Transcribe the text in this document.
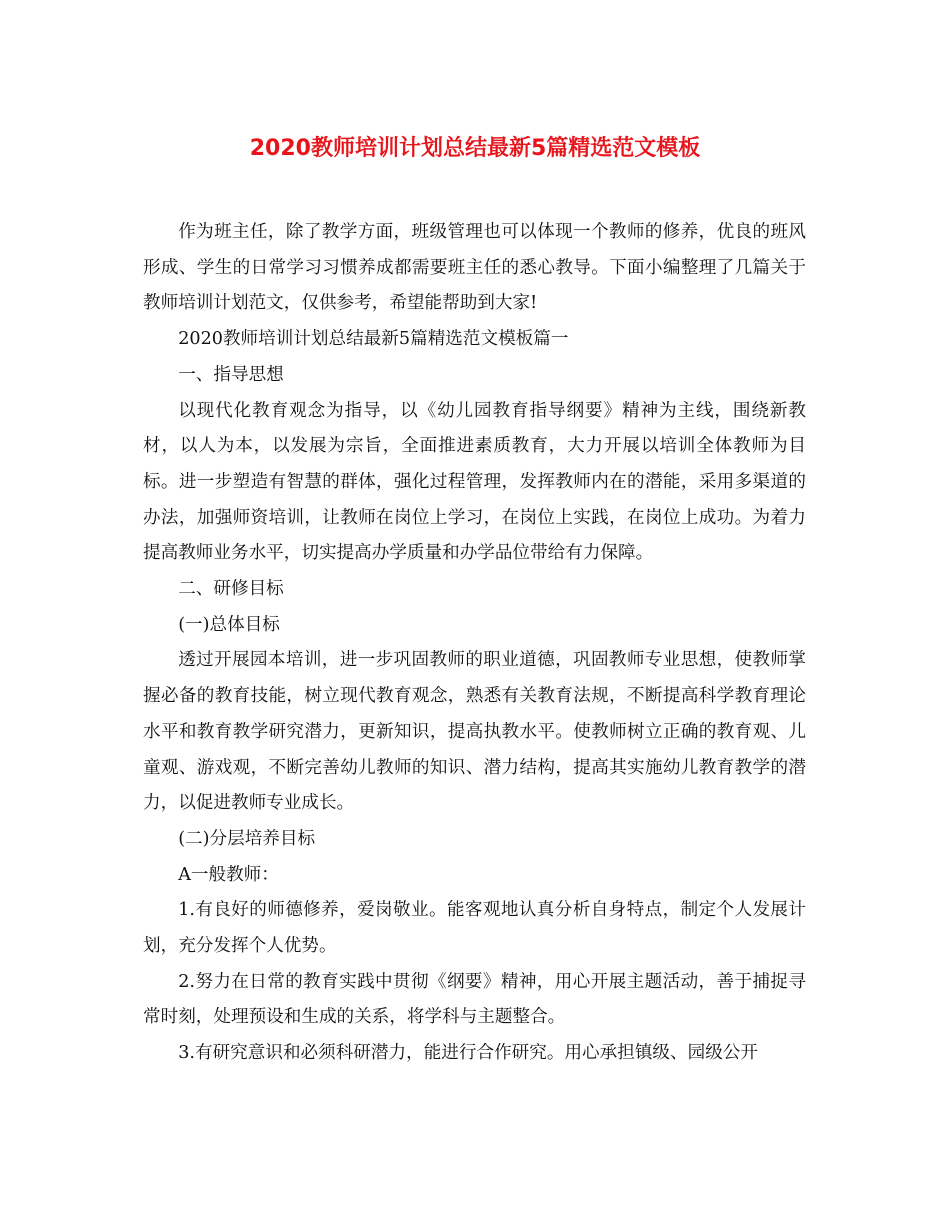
2020教师培训计划总结最新5篇精选范文模板

作为班主任，除了教学方面，班级管理也可以体现一个教师的修养，优良的班风形成、学生的日常学习习惯养成都需要班主任的悉心教导。下面小编整理了几篇关于教师培训计划范文，仅供参考，希望能帮助到大家!

2020教师培训计划总结最新5篇精选范文模板篇一

一、指导思想

以现代化教育观念为指导，以《幼儿园教育指导纲要》精神为主线，围绕新教材，以人为本，以发展为宗旨，全面推进素质教育，大力开展以培训全体教师为目标。进一步塑造有智慧的群体，强化过程管理，发挥教师内在的潜能，采用多渠道的办法，加强师资培训，让教师在岗位上学习，在岗位上实践，在岗位上成功。为着力提高教师业务水平，切实提高办学质量和办学品位带给有力保障。

二、研修目标

(一)总体目标

透过开展园本培训，进一步巩固教师的职业道德，巩固教师专业思想，使教师掌握必备的教育技能，树立现代教育观念，熟悉有关教育法规，不断提高科学教育理论水平和教育教学研究潜力，更新知识，提高执教水平。使教师树立正确的教育观、儿童观、游戏观，不断完善幼儿教师的知识、潜力结构，提高其实施幼儿教育教学的潜力，以促进教师专业成长。

(二)分层培养目标

A一般教师：

1.有良好的师德修养，爱岗敬业。能客观地认真分析自身特点，制定个人发展计划，充分发挥个人优势。

2.努力在日常的教育实践中贯彻《纲要》精神，用心开展主题活动，善于捕捉寻常时刻，处理预设和生成的关系，将学科与主题整合。

3.有研究意识和必须科研潜力，能进行合作研究。用心承担镇级、园级公开
